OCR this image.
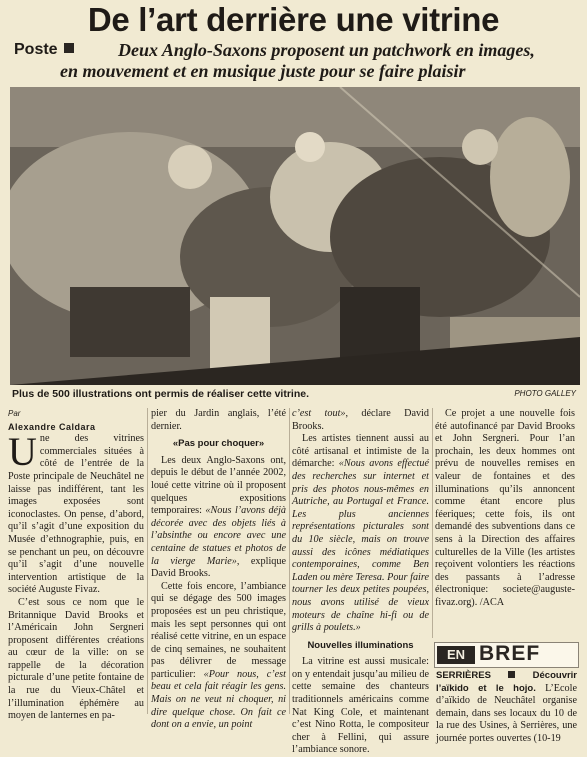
De l’art derrière une vitrine
Poste	Deux Anglo-Saxons proposent un patchwork en images,
en mouvement et en musique juste pour se faire plaisir
Plus de 500 illustrations ont permis de réaliser cette vitrine.	PHOTO GALLEY

Par

Alexandre Caldara

Une des vitrines commerciales situées à côté de l’entrée de la Poste principale de Neuchâtel ne laisse pas indifférent, tant les images exposées sont iconoclastes. On pense, d’abord, qu’il s’agit d’une exposition du Musée d’ethnographie, puis, en se penchant un peu, on découvre qu’il s’agit d’une nouvelle intervention artistique de la société Auguste Fivaz.

C’est sous ce nom que le Britannique David Brooks et l’Américain John Sergneri proposent différentes créations au cœur de la ville: on se rappelle de la décoration picturale d’une petite fontaine de la rue du Vieux-Châtel et l’illumination éphémère au moyen de lanternes en pa-

pier du Jardin anglais, l’été dernier.

«Pas pour choquer»

Les deux Anglo-Saxons ont, depuis le début de l’année 2002, loué cette vitrine où il proposent quelques expositions temporaires: «Nous l’avons déjà décorée avec des objets liés à l’absinthe ou encore avec une centaine de statues et photos de la vierge Marie», explique David Brooks.

Cette fois encore, l’ambiance qui se dégage des 500 images proposées est un peu christique, mais les sept personnes qui ont réalisé cette vitrine, en un espace de cinq semaines, ne souhaitent pas délivrer de message particulier: «Pour nous, c’est beau et cela fait réagir les gens. Mais on ne veut ni choquer, ni dire quelque chose. On fait ce dont on a envie, un point

c’est tout», déclare David Brooks.

Les artistes tiennent aussi au côté artisanal et intimiste de la démarche: «Nous avons effectué des recherches sur internet et pris des photos nous-mêmes en Autriche, au Portugal et France. Les plus anciennes représentations picturales sont du 10e siècle, mais on trouve aussi des icônes médiatiques contemporaines, comme Ben Laden ou mère Teresa. Pour faire tourner les deux petites poupées, nous avons utilisé de vieux moteurs de chaîne hi-fi ou de grills à poulets.»

Nouvelles illuminations

La vitrine est aussi musicale: on y entendait jusqu’au milieu de cette semaine des chanteurs traditionnels américains comme Nat King Cole, et maintenant c’est Nino Rotta, le compositeur cher à Fellini, qui assure l’ambiance sonore.

Ce projet a une nouvelle fois été autofinancé par David Brooks et John Sergneri. Pour l’an prochain, les deux hommes ont prévu de nouvelles remises en valeur de fontaines et des illuminations qu’ils annoncent comme étant encore plus féeriques; cette fois, ils ont demandé des subventions dans ce sens à la Direction des affaires culturelles de la Ville (les artistes reçoivent volontiers les réactions des passants à l’adresse électronique: societe@auguste-fivaz.org). /ACA

EN BREF
SERRIÈRES	Découvrir l’aïkido et le hojo. L’Ecole d’aïkido de Neuchâtel organise demain, dans ses locaux du 10 de la rue des Usines, à Serrières, une journée portes ouvertes (10-19
